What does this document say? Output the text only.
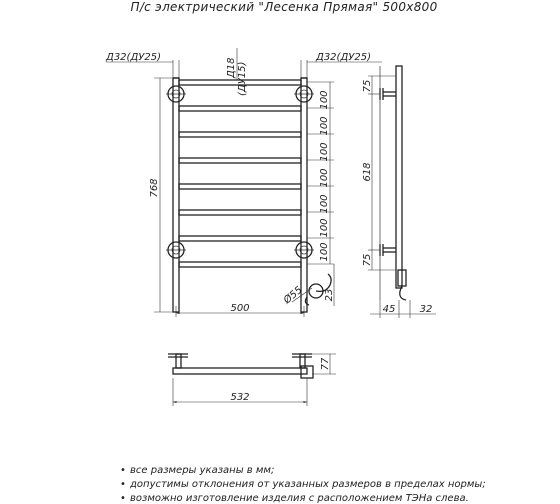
П/с электрический "Лесенка Прямая" 500x800
Д32(ДУ25)	Д32(ДУ25)
Д18 (ДУ15)
768
100
100
100
100
100
100
100
Ø55 23
500
75
618
75
45 32
77
532
• все размеры указаны в мм;
• допустимы отклонения от указанных размеров в пределах нормы;
• возможно изготовление изделия с расположением ТЭНа слева.
